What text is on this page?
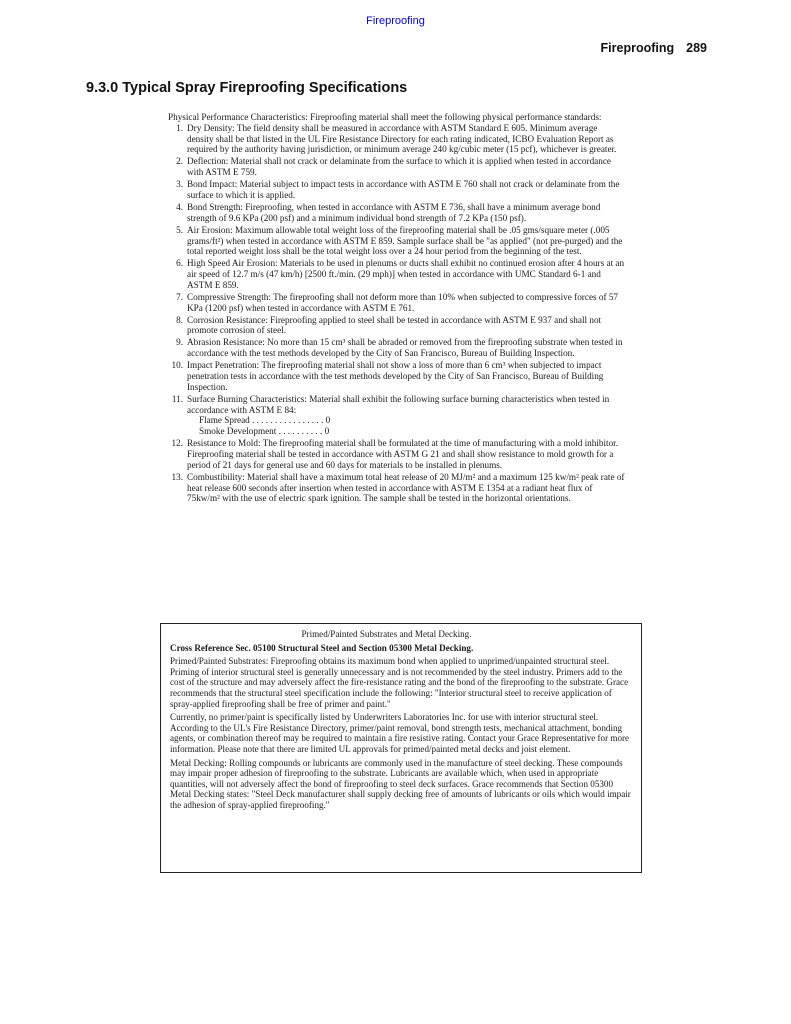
Fireproofing
Fireproofing 289
9.3.0 Typical Spray Fireproofing Specifications

Physical Performance Characteristics: Fireproofing material shall meet the following physical performance standards:

1. Dry Density: The field density shall be measured in accordance with ASTM Standard E 605. Minimum average density shall be that listed in the UL Fire Resistance Directory for each rating indicated, ICBO Evaluation Report as required by the authority having jurisdiction, or minimum average 240 kg/cubic meter (15 pcf), whichever is greater.
2. Deflection: Material shall not crack or delaminate from the surface to which it is applied when tested in accordance with ASTM E 759.
3. Bond Impact: Material subject to impact tests in accordance with ASTM E 760 shall not crack or delaminate from the surface to which it is applied.
4. Bond Strength: Fireproofing, when tested in accordance with ASTM E 736, shall have a minimum average bond strength of 9.6 KPa (200 psf) and a minimum individual bond strength of 7.2 KPa (150 psf).
5. Air Erosion: Maximum allowable total weight loss of the fireproofing material shall be .05 gms/square meter (.005 grams/ft²) when tested in accordance with ASTM E 859. Sample surface shall be "as applied" (not pre-purged) and the total reported weight loss shall be the total weight loss over a 24 hour period from the beginning of the test.
6. High Speed Air Erosion: Materials to be used in plenums or ducts shall exhibit no continued erosion after 4 hours at an air speed of 12.7 m/s (47 km/h) [2500 ft./min. (29 mph)] when tested in accordance with UMC Standard 6-1 and ASTM E 859.
7. Compressive Strength: The fireproofing shall not deform more than 10% when subjected to compressive forces of 57 KPa (1200 psf) when tested in accordance with ASTM E 761.
8. Corrosion Resistance: Fireproofing applied to steel shall be tested in accordance with ASTM E 937 and shall not promote corrosion of steel.
9. Abrasion Resistance: No more than 15 cm³ shall be abraded or removed from the fireproofing substrate when tested in accordance with the test methods developed by the City of San Francisco, Bureau of Building Inspection.
10. Impact Penetration: The fireproofing material shall not show a loss of more than 6 cm³ when subjected to impact penetration tests in accordance with the test methods developed by the City of San Francisco, Bureau of Building Inspection.
11. Surface Burning Characteristics: Material shall exhibit the following surface burning characteristics when tested in accordance with ASTM E 84:
Flame Spread . . . . . . . . . . . . . . . . 0
Smoke Development . . . . . . . . . . 0
12. Resistance to Mold: The fireproofing material shall be formulated at the time of manufacturing with a mold inhibitor. Fireproofing material shall be tested in accordance with ASTM G 21 and shall show resistance to mold growth for a period of 21 days for general use and 60 days for materials to be installed in plenums.
13. Combustibility: Material shall have a maximum total heat release of 20 MJ/m² and a maximum 125 kw/m² peak rate of heat release 600 seconds after insertion when tested in accordance with ASTM E 1354 at a radiant heat flux of 75kw/m² with the use of electric spark ignition. The sample shall be tested in the horizontal orientations.
Primed/Painted Substrates and Metal Decking.
Cross Reference Sec. 05100 Structural Steel and Section 05300 Metal Decking.

Primed/Painted Substrates: Fireproofing obtains its maximum bond when applied to unprimed/unpainted structural steel. Priming of interior structural steel is generally unnecessary and is not recommended by the steel industry. Primers add to the cost of the structure and may adversely affect the fire-resistance rating and the bond of the fireproofing to the substrate. Grace recommends that the structural steel specification include the following: "Interior structural steel to receive application of spray-applied fireproofing shall be free of primer and paint."

Currently, no primer/paint is specifically listed by Underwriters Laboratories Inc. for use with interior structural steel. According to the UL's Fire Resistance Directory, primer/paint removal, bond strength tests, mechanical attachment, bonding agents, or combination thereof may be required to maintain a fire resistive rating. Contact your Grace Representative for more information. Please note that there are limited UL approvals for primed/painted metal decks and joist element.

Metal Decking: Rolling compounds or lubricants are commonly used in the manufacture of steel decking. These compounds may impair proper adhesion of fireproofing to the substrate. Lubricants are available which, when used in appropriate quantities, will not adversely affect the bond of fireproofing to steel deck surfaces. Grace recommends that Section 05300 Metal Decking states: "Steel Deck manufacturer shall supply decking free of amounts of lubricants or oils which would impair the adhesion of spray-applied fireproofing."
